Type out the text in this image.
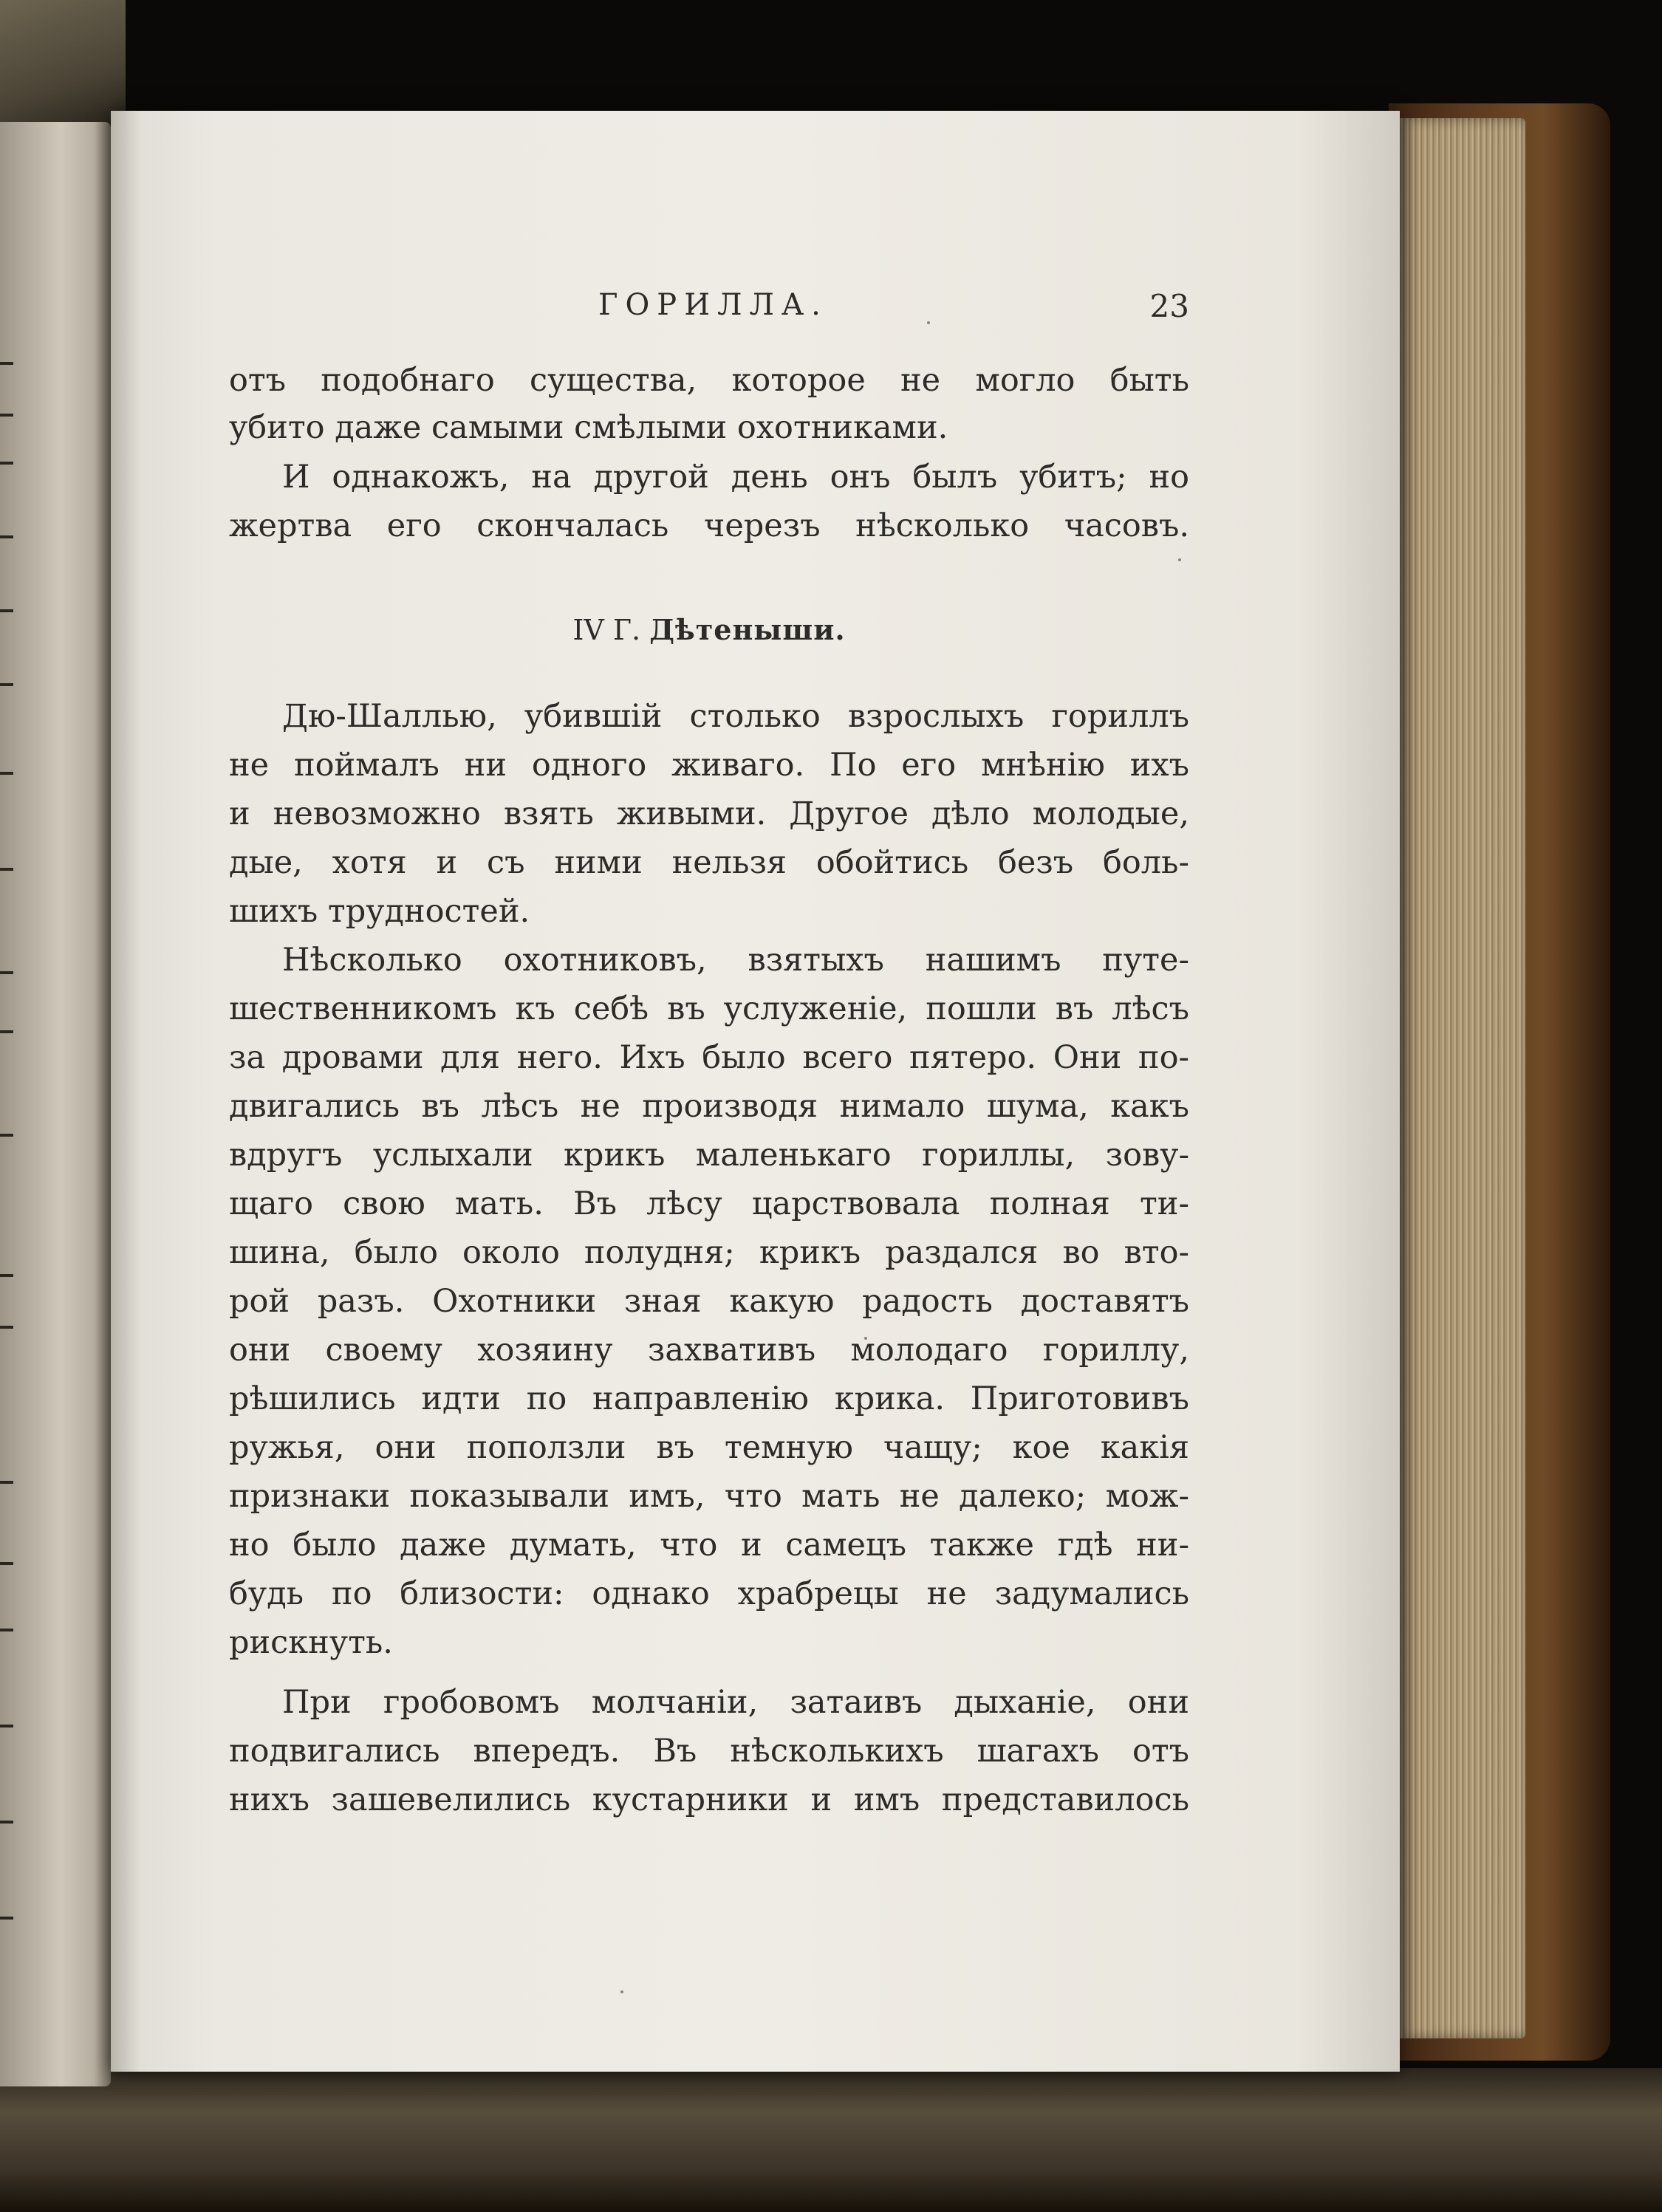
ГОРИЛЛА.	23
отъ подобнаго существа, которое не могло быть
убито даже самыми смѣлыми охотниками.
И однакожъ, на другой день онъ былъ убитъ; но
жертва его скончалась черезъ нѣсколько часовъ.
IV Г. Дѣтеныши.
Дю-Шаллью, убившій столько взрослыхъ гориллъ
не поймалъ ни одного живаго. По его мнѣнію ихъ
и невозможно взять живыми. Другое дѣло молодые,
дые, хотя и съ ними нельзя обойтись безъ боль-
шихъ трудностей.
Нѣсколько охотниковъ, взятыхъ нашимъ путе-
шественникомъ къ себѣ въ услуженіе, пошли въ лѣсъ
за дровами для него. Ихъ было всего пятеро. Они по-
двигались въ лѣсъ не производя нимало шума, какъ
вдругъ услыхали крикъ маленькаго гориллы, зову-
щаго свою мать. Въ лѣсу царствовала полная ти-
шина, было около полудня; крикъ раздался во вто-
рой разъ. Охотники зная какую радость доставятъ
они своему хозяину захвативъ молодаго гориллу,
рѣшились идти по направленію крика. Приготовивъ
ружья, они поползли въ темную чащу; кое какія
признаки показывали имъ, что мать не далеко; мож-
но было даже думать, что и самецъ также гдѣ ни-
будь по близости: однако храбрецы не задумались
рискнуть.
При гробовомъ молчаніи, затаивъ дыханіе, они
подвигались впередъ. Въ нѣсколькихъ шагахъ отъ
нихъ зашевелились кустарники и имъ представилось
